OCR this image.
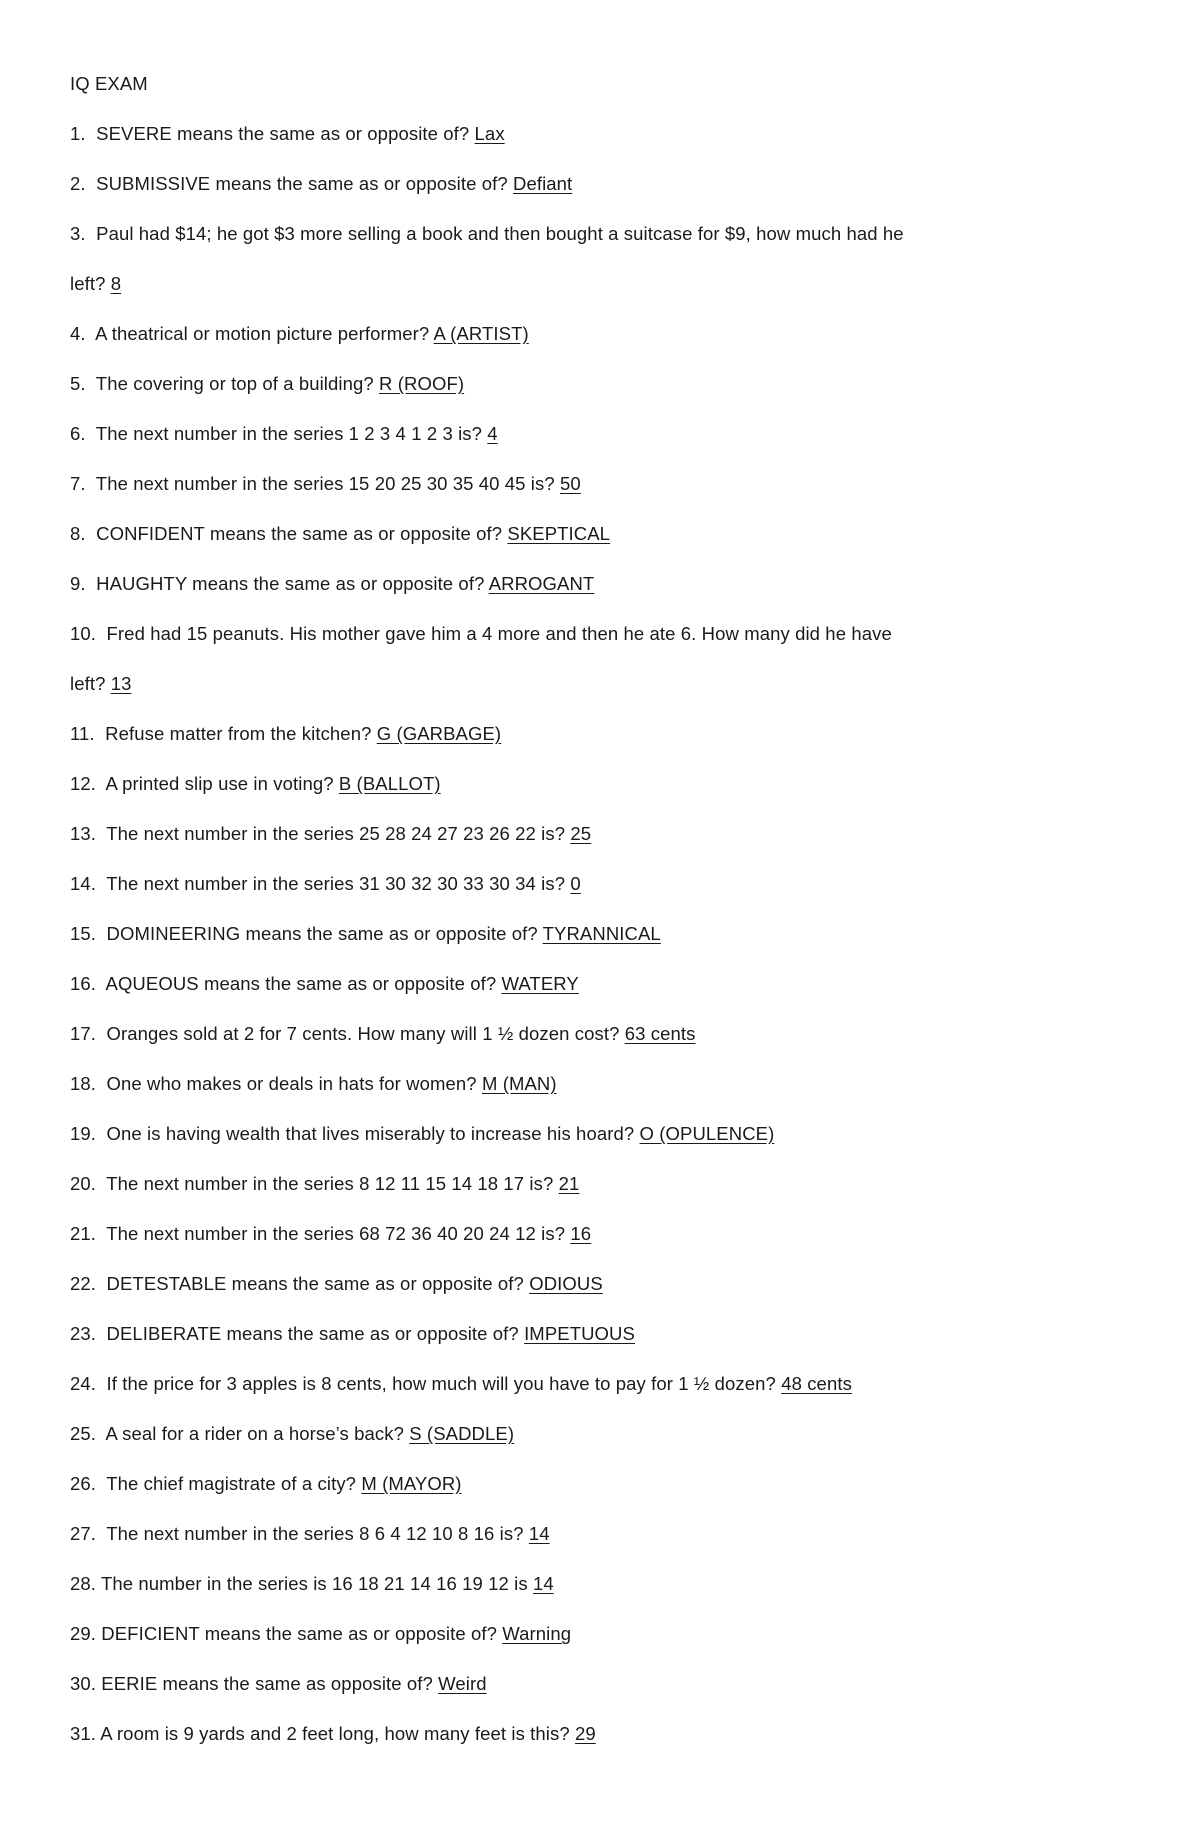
IQ EXAM
1. SEVERE means the same as or opposite of? Lax
2. SUBMISSIVE means the same as or opposite of? Defiant
3. Paul had $14; he got $3 more selling a book and then bought a suitcase for $9, how much had he
left? 8
4. A theatrical or motion picture performer? A (ARTIST)
5. The covering or top of a building? R (ROOF)
6. The next number in the series 1 2 3 4 1 2 3 is? 4
7. The next number in the series 15 20 25 30 35 40 45 is? 50
8. CONFIDENT means the same as or opposite of? SKEPTICAL
9. HAUGHTY means the same as or opposite of? ARROGANT
10. Fred had 15 peanuts. His mother gave him a 4 more and then he ate 6. How many did he have
left? 13
11. Refuse matter from the kitchen? G (GARBAGE)
12. A printed slip use in voting? B (BALLOT)
13. The next number in the series 25 28 24 27 23 26 22 is? 25
14. The next number in the series 31 30 32 30 33 30 34 is? 0
15. DOMINEERING means the same as or opposite of? TYRANNICAL
16. AQUEOUS means the same as or opposite of? WATERY
17. Oranges sold at 2 for 7 cents. How many will 1 ½ dozen cost? 63 cents
18. One who makes or deals in hats for women? M (MAN)
19. One is having wealth that lives miserably to increase his hoard? O (OPULENCE)
20. The next number in the series 8 12 11 15 14 18 17 is? 21
21. The next number in the series 68 72 36 40 20 24 12 is? 16
22. DETESTABLE means the same as or opposite of? ODIOUS
23. DELIBERATE means the same as or opposite of? IMPETUOUS
24. If the price for 3 apples is 8 cents, how much will you have to pay for 1 ½ dozen? 48 cents
25. A seal for a rider on a horse’s back? S (SADDLE)
26. The chief magistrate of a city? M (MAYOR)
27. The next number in the series 8 6 4 12 10 8 16 is? 14
28. The number in the series is 16 18 21 14 16 19 12 is 14
29. DEFICIENT means the same as or opposite of? Warning
30. EERIE means the same as opposite of? Weird
31. A room is 9 yards and 2 feet long, how many feet is this? 29
